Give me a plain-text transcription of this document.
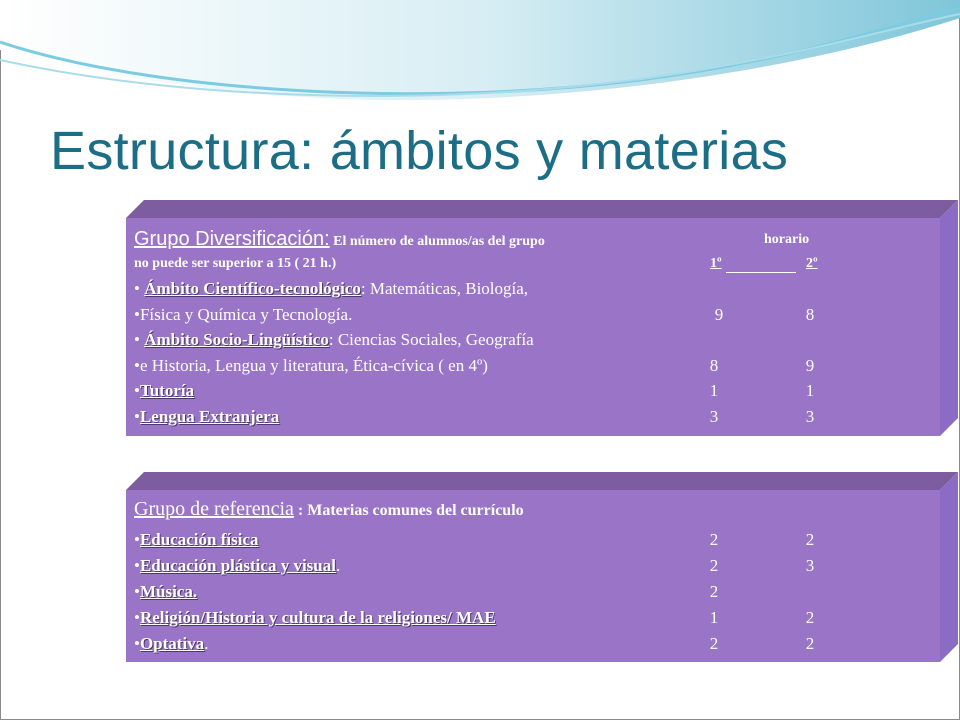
Estructura: ámbitos y materias
Grupo Diversificación: El número de alumnos/as del grupo	horario
no puede ser superior a 15 ( 21 h.)	1º	2º
• Ámbito Científico-tecnológico: Matemáticas, Biología,
•Física y Química y Tecnología.	9	8
• Ámbito Socio-Lingüístico: Ciencias Sociales, Geografía
•e Historia, Lengua y literatura, Ética-cívica ( en 4º)	8	9
•Tutoría	1	1
•Lengua Extranjera	3	3
Grupo de referencia : Materias comunes del currículo
•Educación física	2	2
•Educación plástica y visual.	2	3
•Música.	2
•Religión/Historia y cultura de la religiones/ MAE	1	2
•Optativa.	2	2
